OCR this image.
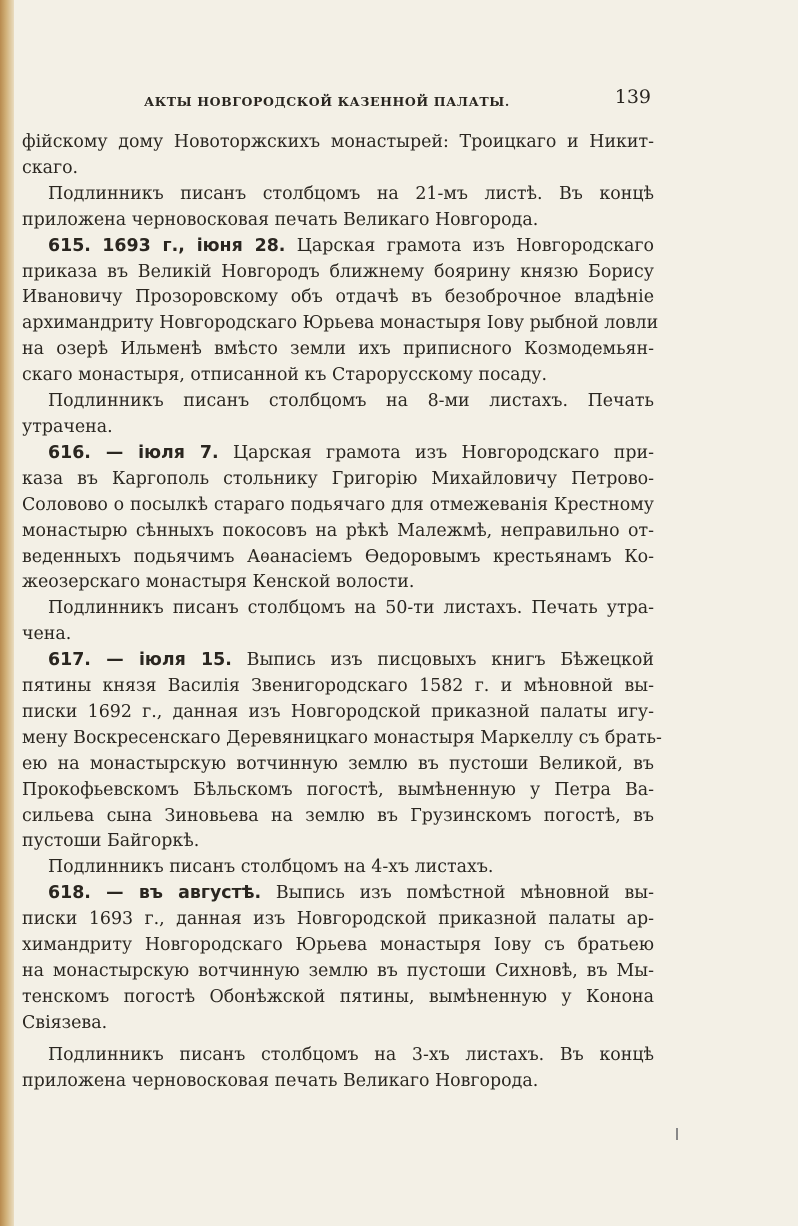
АКТЫ НОВГОРОДСКОЙ КАЗЕННОЙ ПАЛАТЫ.	139
фійскому дому Новоторжскихъ монастырей: Троицкаго и Никит-
скаго.
Подлинникъ писанъ столбцомъ на 21-мъ листѣ. Въ концѣ
приложена черновосковая печать Великаго Новгорода.
615. 1693 г., іюня 28. Царская грамота изъ Новгородскаго
приказа въ Великій Новгородъ ближнему боярину князю Борису
Ивановичу Прозоровскому объ отдачѣ въ безоброчное владѣніе
архимандриту Новгородскаго Юрьева монастыря Іову рыбной ловли
на озерѣ Ильменѣ вмѣсто земли ихъ приписного Козмодемьян-
скаго монастыря, отписанной къ Старорусскому посаду.
Подлинникъ писанъ столбцомъ на 8-ми листахъ. Печать
утрачена.
616. — іюля 7. Царская грамота изъ Новгородскаго при-
каза въ Каргополь стольнику Григорію Михайловичу Петрово-
Соловово о посылкѣ стараго подьячаго для отмежеванія Крестному
монастырю сѣнныхъ покосовъ на рѣкѣ Малежмѣ, неправильно от-
веденныхъ подьячимъ Аѳанасіемъ Ѳедоровымъ крестьянамъ Ко-
жеозерскаго монастыря Кенской волости.
Подлинникъ писанъ столбцомъ на 50-ти листахъ. Печать утра-
чена.
617. — іюля 15. Выпись изъ писцовыхъ книгъ Бѣжецкой
пятины князя Василія Звенигородскаго 1582 г. и мѣновной вы-
писки 1692 г., данная изъ Новгородской приказной палаты игу-
мену Воскресенскаго Деревяницкаго монастыря Маркеллу съ брать-
ею на монастырскую вотчинную землю въ пустоши Великой, въ
Прокофьевскомъ Бѣльскомъ погостѣ, вымѣненную у Петра Ва-
сильева сына Зиновьева на землю въ Грузинскомъ погостѣ, въ
пустоши Байгоркѣ.
Подлинникъ писанъ столбцомъ на 4-хъ листахъ.
618. — въ августѣ. Выпись изъ помѣстной мѣновной вы-
писки 1693 г., данная изъ Новгородской приказной палаты ар-
химандриту Новгородскаго Юрьева монастыря Іову съ братьею
на монастырскую вотчинную землю въ пустоши Сихновѣ, въ Мы-
тенскомъ погостѣ Обонѣжской пятины, вымѣненную у Конона
Свіязева.
Подлинникъ писанъ столбцомъ на 3-хъ листахъ. Въ концѣ
приложена черновосковая печать Великаго Новгорода.
